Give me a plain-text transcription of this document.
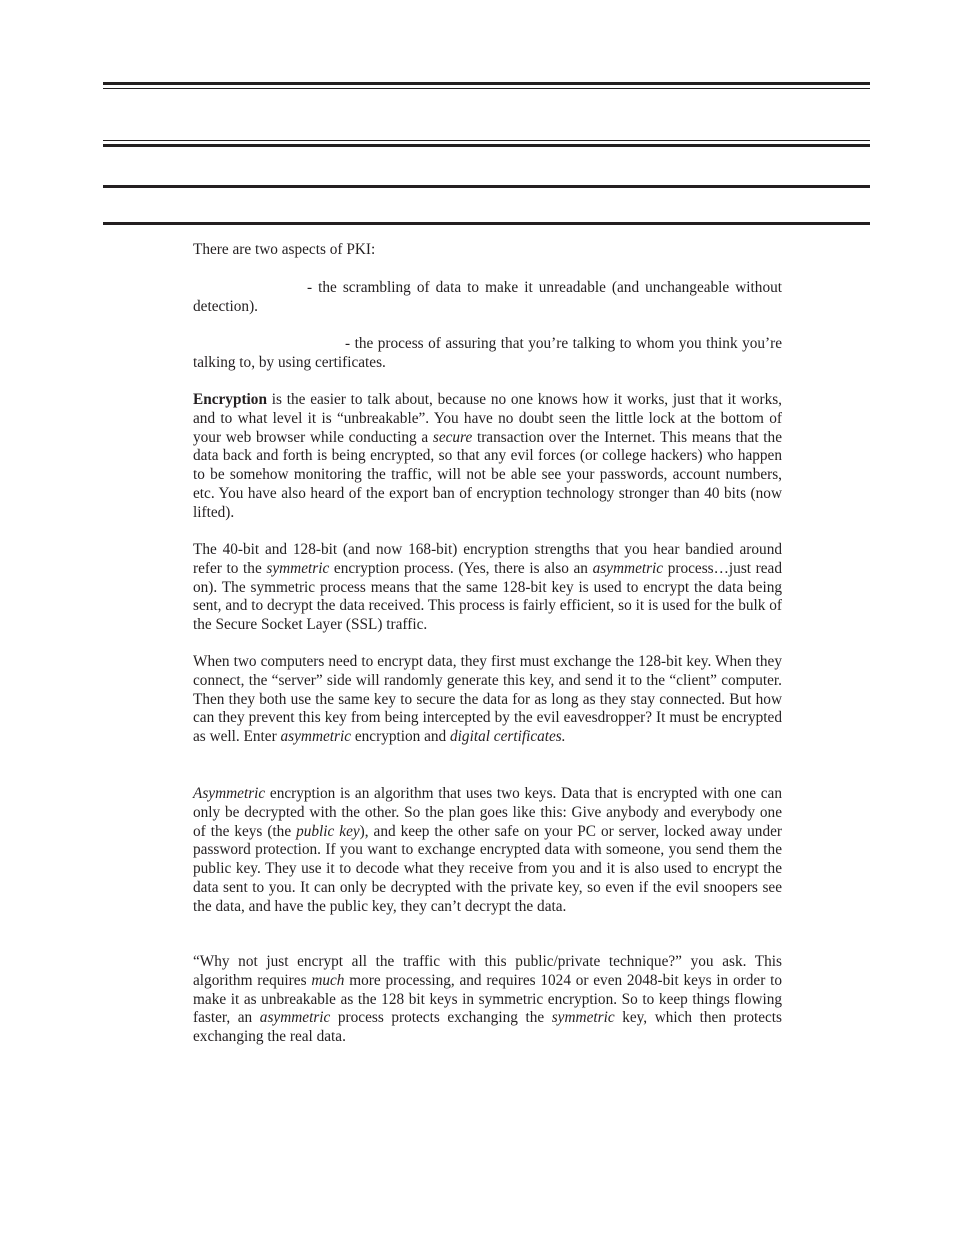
There are two aspects of PKI:

- the scrambling of data to make it unreadable (and unchangeable without detection).

- the process of assuring that you’re talking to whom you think you’re talking to, by using certificates.

Encryption is the easier to talk about, because no one knows how it works, just that it works, and to what level it is “unbreakable”. You have no doubt seen the little lock at the bottom of your web browser while conducting a secure transaction over the Internet. This means that the data back and forth is being encrypted, so that any evil forces (or college hackers) who happen to be somehow monitoring the traffic, will not be able see your passwords, account numbers, etc. You have also heard of the export ban of encryption technology stronger than 40 bits (now lifted).

The 40-bit and 128-bit (and now 168-bit) encryption strengths that you hear bandied around refer to the symmetric encryption process. (Yes, there is also an asymmetric process…just read on). The symmetric process means that the same 128-bit key is used to encrypt the data being sent, and to decrypt the data received. This process is fairly efficient, so it is used for the bulk of the Secure Socket Layer (SSL) traffic.

When two computers need to encrypt data, they first must exchange the 128-bit key. When they connect, the “server” side will randomly generate this key, and send it to the “client” computer. Then they both use the same key to secure the data for as long as they stay connected. But how can they prevent this key from being intercepted by the evil eavesdropper? It must be encrypted as well. Enter asymmetric encryption and digital certificates.

Asymmetric encryption is an algorithm that uses two keys. Data that is encrypted with one can only be decrypted with the other. So the plan goes like this: Give anybody and everybody one of the keys (the public key), and keep the other safe on your PC or server, locked away under password protection. If you want to exchange encrypted data with someone, you send them the public key. They use it to decode what they receive from you and it is also used to encrypt the data sent to you. It can only be decrypted with the private key, so even if the evil snoopers see the data, and have the public key, they can’t decrypt the data.

“Why not just encrypt all the traffic with this public/private technique?” you ask. This algorithm requires much more processing, and requires 1024 or even 2048-bit keys in order to make it as unbreakable as the 128 bit keys in symmetric encryption. So to keep things flowing faster, an asymmetric process protects exchanging the symmetric key, which then protects exchanging the real data.
